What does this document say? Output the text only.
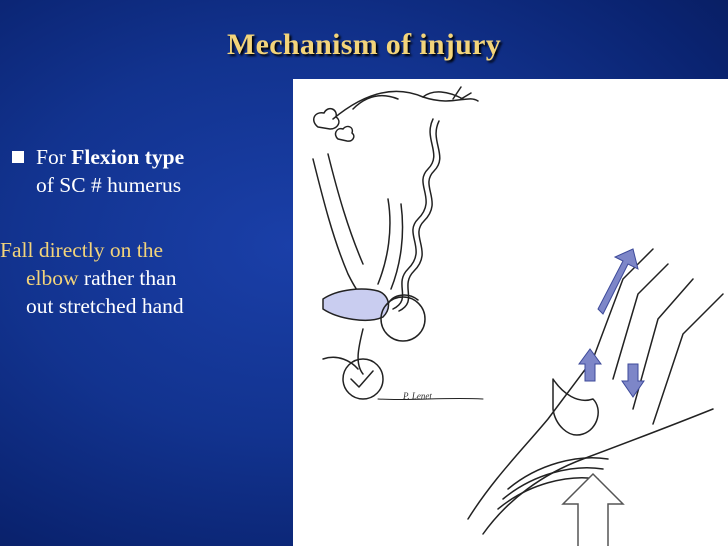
Mechanism of injury
For Flexion type
of SC # humerus
Fall directly on the
elbow rather than
out stretched hand
P. Lenet
